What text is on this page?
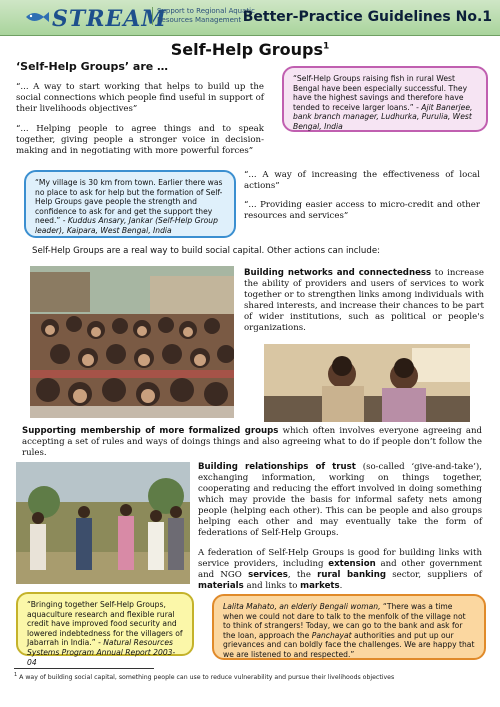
STREAM
Support to Regional Aquatic Resources Management Better-Practice Guidelines No.1
Self-Help Groups$^1$
‘Self-Help Groups’ are …
“... A way to start working that helps to build up the social connections which people find useful in support of their livelihoods objectives”
“... Helping people to agree things and to speak together, giving people a stronger voice in decision-making and in negotiating with more powerful forces”
“Self-Help Groups raising fish in rural West Bengal have been especially successful. They have the highest savings and therefore have tended to receive larger loans.” - Ajit Banerjee, bank branch manager, Ludhurka, Purulia, West Bengal, India
“My village is 30 km from town. Earlier there was no place to ask for help but the formation of Self-Help Groups gave people the strength and confidence to ask for and get the support they need.” - Kuddus Ansary, Jankar (Self-Help Group leader), Kaipara, West Bengal, India
“... A way of increasing the effectiveness of local actions”
“... Providing easier access to micro-credit and other resources and services”
Self-Help Groups are a real way to build social capital. Other actions can include:
Building networks and connectedness to increase the ability of providers and users of services to work together or to strengthen links among individuals with shared interests, and increase their chances to be part of wider institutions, such as political or people's organizations.
Supporting membership of more formalized groups which often involves everyone agreeing and accepting a set of rules and ways of doings things and also agreeing what to do if people don’t follow the rules.
Building relationships of trust (so-called ‘give-and-take’), exchanging information, working on things together, cooperating and reducing the effort involved in doing something which may provide the basis for informal safety nets among people (helping each other). This can be people and also groups helping each other and may eventually take the form of federations of Self-Help Groups.
A federation of Self-Help Groups is good for building links with service providers, including extension and other government and NGO services, the rural banking sector, suppliers of materials and links to markets.
“Bringing together Self-Help Groups, aquaculture research and flexible rural credit have improved food security and lowered indebtedness for the villagers of Jabarrah in India.” - Natural Resources Systems Program Annual Report 2003-04
Lalita Mahato, an elderly Bengali woman, “There was a time when we could not dare to talk to the menfolk of the village not to think of strangers! Today, we can go to the bank and ask for the loan, approach the Panchayat authorities and put up our grievances and can boldly face the challenges. We are happy that we are listened to and respected.”
$^1$ A way of building social capital, something people can use to reduce vulnerability and pursue their livelihoods objectives
